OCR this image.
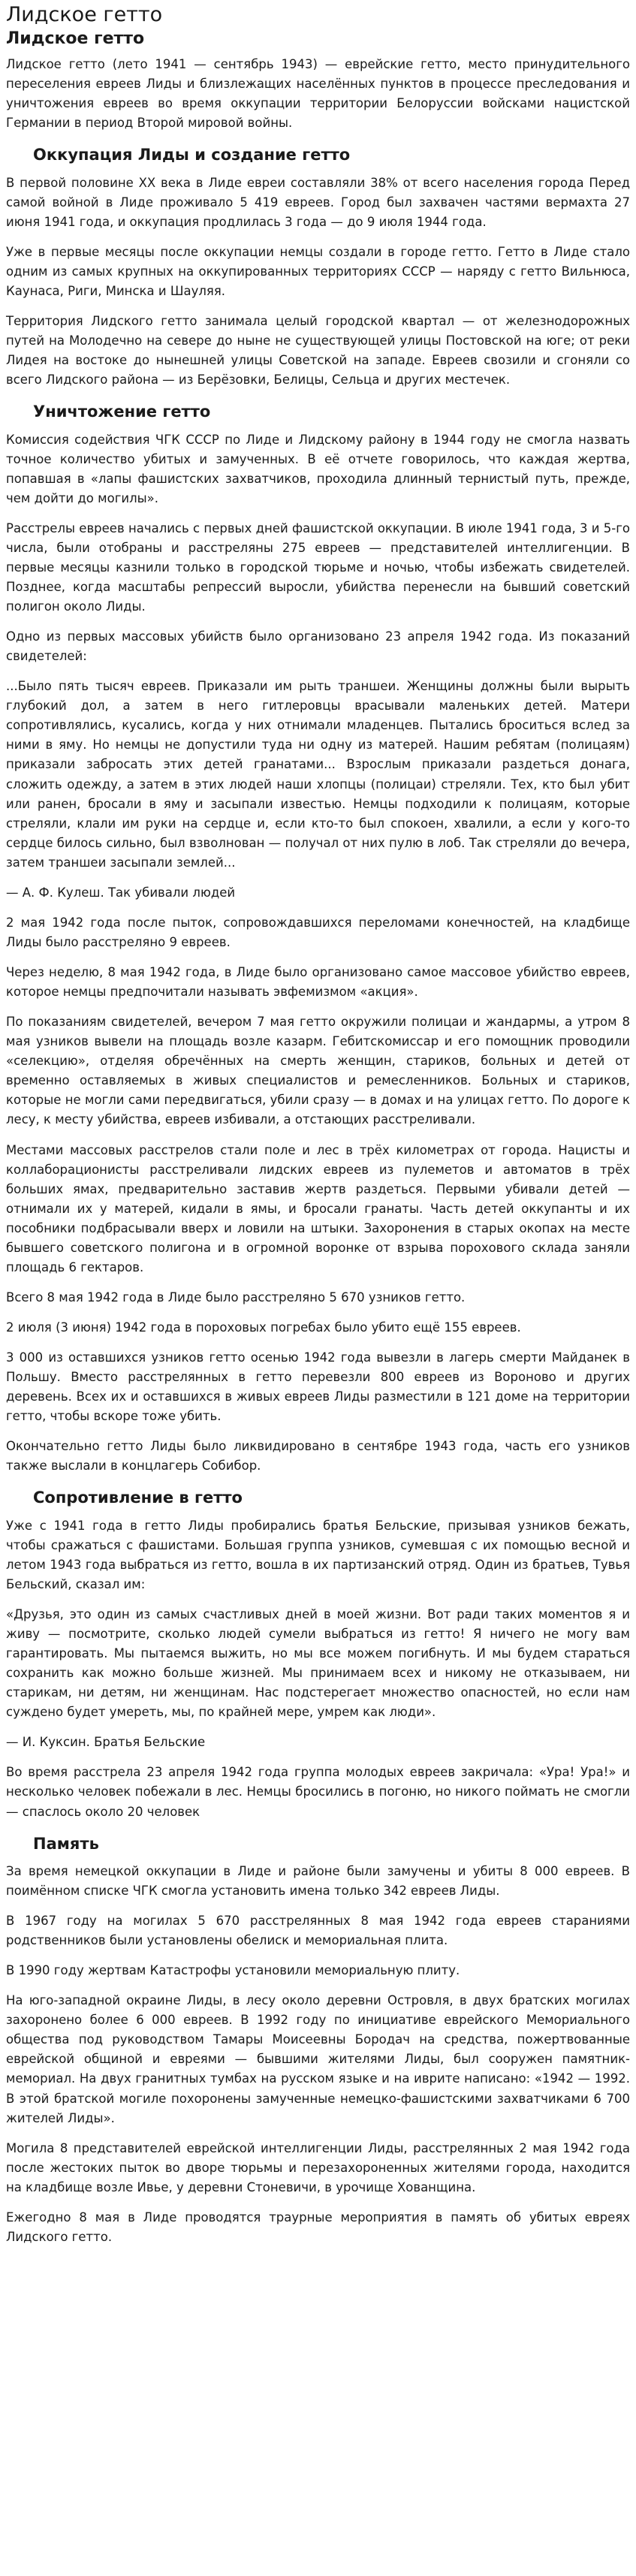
Лидское гетто
Лидское гетто

Лидское гетто (лето 1941 — сентябрь 1943) — еврейские гетто, место принудительного переселения евреев Лиды и близлежащих населённых пунктов в процессе преследования и уничтожения евреев во время оккупации территории Белоруссии войсками нацистской Германии в период Второй мировой войны.

Оккупация Лиды и создание гетто

В первой половине XX века в Лиде евреи составляли 38% от всего населения города Перед самой войной в Лиде проживало 5 419 евреев. Город был захвачен частями вермахта 27 июня 1941 года, и оккупация продлилась 3 года — до 9 июля 1944 года.

Уже в первые месяцы после оккупации немцы создали в городе гетто. Гетто в Лиде стало одним из самых крупных на оккупированных территориях СССР — наряду с гетто Вильнюса, Каунаса, Риги, Минска и Шауляя.

Территория Лидского гетто занимала целый городской квартал — от железнодорожных путей на Молодечно на севере до ныне не существующей улицы Постовской на юге; от реки Лидея на востоке до нынешней улицы Советской на западе. Евреев свозили и сгоняли со всего Лидского района — из Берёзовки, Белицы, Сельца и других местечек.

Уничтожение гетто

Комиссия содействия ЧГК СССР по Лиде и Лидскому району в 1944 году не смогла назвать точное количество убитых и замученных. В её отчете говорилось, что каждая жертва, попавшая в «лапы фашистских захватчиков, проходила длинный тернистый путь, прежде, чем дойти до могилы».

Расстрелы евреев начались с первых дней фашистской оккупации. В июле 1941 года, 3 и 5-го числа, были отобраны и расстреляны 275 евреев — представителей интеллигенции. В первые месяцы казнили только в городской тюрьме и ночью, чтобы избежать свидетелей. Позднее, когда масштабы репрессий выросли, убийства перенесли на бывший советский полигон около Лиды.

Одно из первых массовых убийств было организовано 23 апреля 1942 года. Из показаний свидетелей:

...Было пять тысяч евреев. Приказали им рыть траншеи. Женщины должны были вырыть глубокий дол, а затем в него гитлеровцы врасывали маленьких детей. Матери сопротивлялись, кусались, когда у них отнимали младенцев. Пытались броситься вслед за ними в яму. Но немцы не допустили туда ни одну из матерей. Нашим ребятам (полицаям) приказали забросать этих детей гранатами... Взрослым приказали раздеться донага, сложить одежду, а затем в этих людей наши хлопцы (полицаи) стреляли. Тех, кто был убит или ранен, бросали в яму и засыпали известью. Немцы подходили к полицаям, которые стреляли, клали им руки на сердце и, если кто-то был спокоен, хвалили, а если у кого-то сердце билось сильно, был взволнован — получал от них пулю в лоб. Так стреляли до вечера, затем траншеи засыпали землей...

— А. Ф. Кулеш. Так убивали людей

2 мая 1942 года после пыток, сопровождавшихся переломами конечностей, на кладбище Лиды было расстреляно 9 евреев.

Через неделю, 8 мая 1942 года, в Лиде было организовано самое массовое убийство евреев, которое немцы предпочитали называть эвфемизмом «акция».

По показаниям свидетелей, вечером 7 мая гетто окружили полицаи и жандармы, а утром 8 мая узников вывели на площадь возле казарм. Гебитскомиссар и его помощник проводили «селекцию», отделяя обречённых на смерть женщин, стариков, больных и детей от временно оставляемых в живых специалистов и ремесленников. Больных и стариков, которые не могли сами передвигаться, убили сразу — в домах и на улицах гетто. По дороге к лесу, к месту убийства, евреев избивали, а отстающих расстреливали.

Местами массовых расстрелов стали поле и лес в трёх километрах от города. Нацисты и коллаборационисты расстреливали лидских евреев из пулеметов и автоматов в трёх больших ямах, предварительно заставив жертв раздеться. Первыми убивали детей — отнимали их у матерей, кидали в ямы, и бросали гранаты. Часть детей оккупанты и их пособники подбрасывали вверх и ловили на штыки. Захоронения в старых окопах на месте бывшего советского полигона и в огромной воронке от взрыва порохового склада заняли площадь 6 гектаров.

Всего 8 мая 1942 года в Лиде было расстреляно 5 670 узников гетто.

2 июля (3 июня) 1942 года в пороховых погребах было убито ещё 155 евреев.

3 000 из оставшихся узников гетто осенью 1942 года вывезли в лагерь смерти Майданек в Польшу. Вместо расстрелянных в гетто перевезли 800 евреев из Вороново и других деревень. Всех их и оставшихся в живых евреев Лиды разместили в 121 доме на территории гетто, чтобы вскоре тоже убить.

Окончательно гетто Лиды было ликвидировано в сентябре 1943 года, часть его узников также выслали в концлагерь Собибор.

Сопротивление в гетто

Уже с 1941 года в гетто Лиды пробирались братья Бельские, призывая узников бежать, чтобы сражаться с фашистами. Большая группа узников, сумевшая с их помощью весной и летом 1943 года выбраться из гетто, вошла в их партизанский отряд. Один из братьев, Тувья Бельский, сказал им:

«Друзья, это один из самых счастливых дней в моей жизни. Вот ради таких моментов я и живу — посмотрите, сколько людей сумели выбраться из гетто! Я ничего не могу вам гарантировать. Мы пытаемся выжить, но мы все можем погибнуть. И мы будем стараться сохранить как можно больше жизней. Мы принимаем всех и никому не отказываем, ни старикам, ни детям, ни женщинам. Нас подстерегает множество опасностей, но если нам суждено будет умереть, мы, по крайней мере, умрем как люди».

— И. Куксин. Братья Бельские

Во время расстрела 23 апреля 1942 года группа молодых евреев закричала: «Ура! Ура!» и несколько человек побежали в лес. Немцы бросились в погоню, но никого поймать не смогли — спаслось около 20 человек

Память

За время немецкой оккупации в Лиде и районе были замучены и убиты 8 000 евреев. В поимённом списке ЧГК смогла установить имена только 342 евреев Лиды.

В 1967 году на могилах 5 670 расстрелянных 8 мая 1942 года евреев стараниями родственников были установлены обелиск и мемориальная плита.

В 1990 году жертвам Катастрофы установили мемориальную плиту.

На юго-западной окраине Лиды, в лесу около деревни Островля, в двух братских могилах захоронено более 6 000 евреев. В 1992 году по инициативе еврейского Мемориального общества под руководством Тамары Моисеевны Бородач на средства, пожертвованные еврейской общиной и евреями — бывшими жителями Лиды, был сооружен памятник-мемориал. На двух гранитных тумбах на русском языке и на иврите написано: «1942 — 1992. В этой братской могиле похоронены замученные немецко-фашистскими захватчиками 6 700 жителей Лиды».

Могила 8 представителей еврейской интеллигенции Лиды, расстрелянных 2 мая 1942 года после жестоких пыток во дворе тюрьмы и перезахороненных жителями города, находится на кладбище возле Ивье, у деревни Стоневичи, в урочище Хованщина.

Ежегодно 8 мая в Лиде проводятся траурные мероприятия в память об убитых евреях Лидского гетто.
